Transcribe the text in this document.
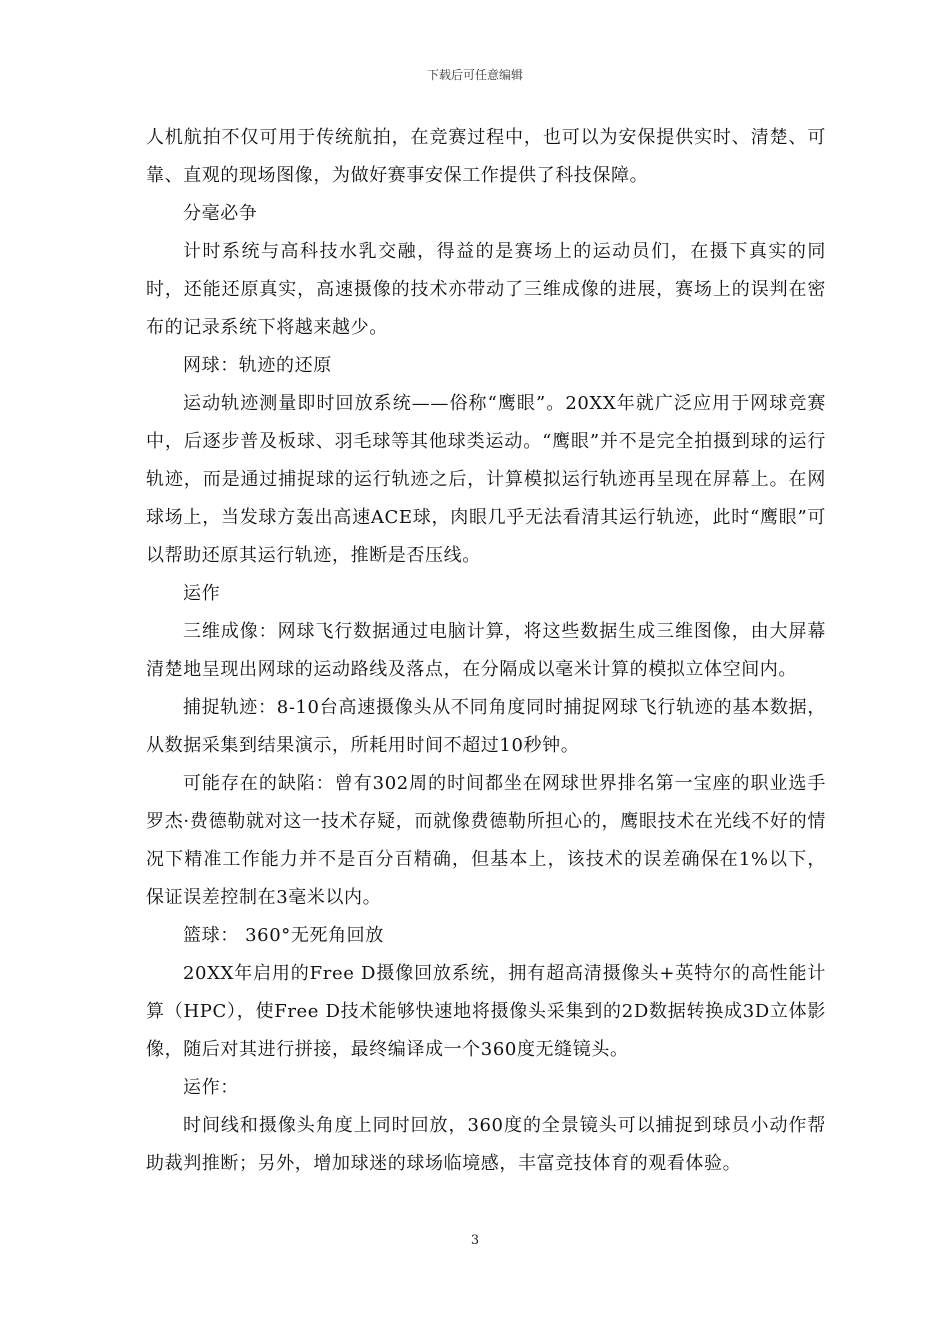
下载后可任意编辑

人机航拍不仅可用于传统航拍，在竞赛过程中，也可以为安保提供实时、清楚、可靠、直观的现场图像，为做好赛事安保工作提供了科技保障。

分毫必争

计时系统与高科技水乳交融，得益的是赛场上的运动员们，在摄下真实的同时，还能还原真实，高速摄像的技术亦带动了三维成像的进展，赛场上的误判在密布的记录系统下将越来越少。

网球：轨迹的还原

运动轨迹测量即时回放系统——俗称“鹰眼”。20XX年就广泛应用于网球竞赛中，后逐步普及板球、羽毛球等其他球类运动。“鹰眼”并不是完全拍摄到球的运行轨迹，而是通过捕捉球的运行轨迹之后，计算模拟运行轨迹再呈现在屏幕上。在网球场上，当发球方轰出高速ACE球，肉眼几乎无法看清其运行轨迹，此时“鹰眼”可以帮助还原其运行轨迹，推断是否压线。

运作

三维成像：网球飞行数据通过电脑计算，将这些数据生成三维图像，由大屏幕清楚地呈现出网球的运动路线及落点，在分隔成以毫米计算的模拟立体空间内。

捕捉轨迹：8-10台高速摄像头从不同角度同时捕捉网球飞行轨迹的基本数据，从数据采集到结果演示，所耗用时间不超过10秒钟。

可能存在的缺陷：曾有302周的时间都坐在网球世界排名第一宝座的职业选手罗杰·费德勒就对这一技术存疑，而就像费德勒所担心的，鹰眼技术在光线不好的情况下精准工作能力并不是百分百精确，但基本上，该技术的误差确保在1%以下，保证误差控制在3毫米以内。

篮球： 360°无死角回放

20XX年启用的Free D摄像回放系统，拥有超高清摄像头+英特尔的高性能计算（HPC），使Free D技术能够快速地将摄像头采集到的2D数据转换成3D立体影像，随后对其进行拼接，最终编译成一个360度无缝镜头。

运作：

时间线和摄像头角度上同时回放，360度的全景镜头可以捕捉到球员小动作帮助裁判推断；另外，增加球迷的球场临境感，丰富竞技体育的观看体验。

3
